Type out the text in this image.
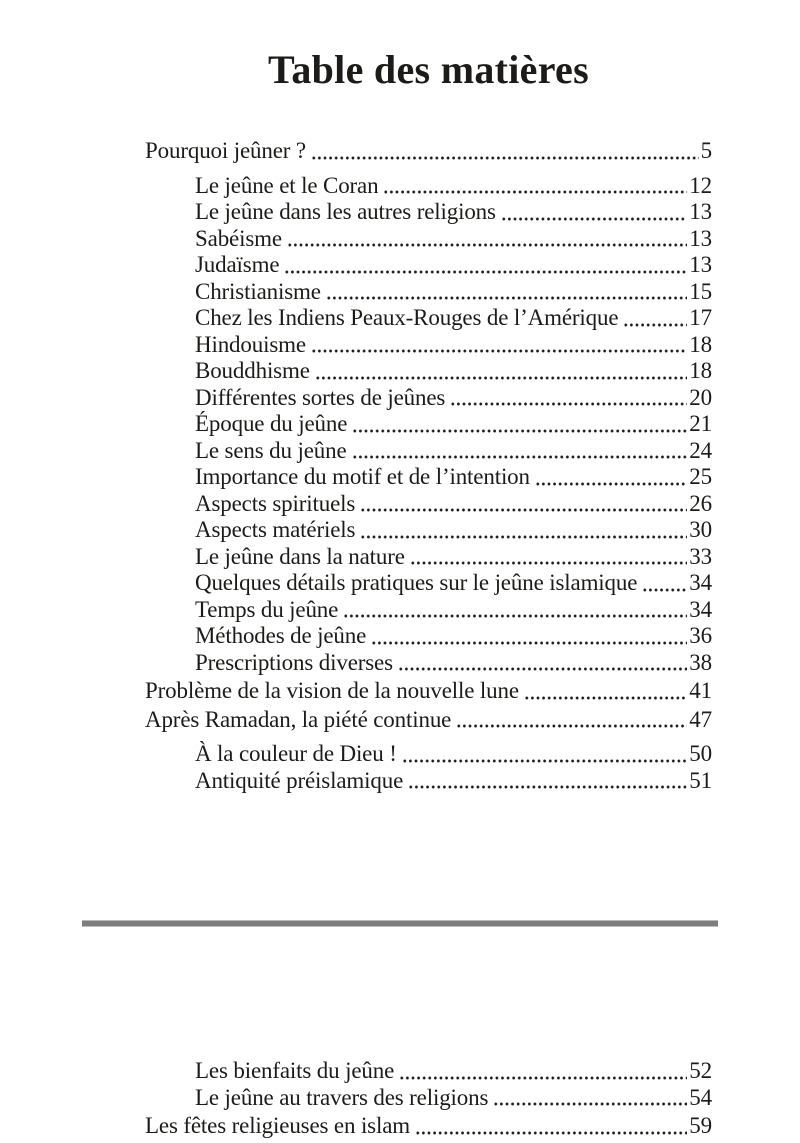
Table des matières
Pourquoi jeûner ?	5
Le jeûne et le Coran	12
Le jeûne dans les autres religions	13
Sabéisme	13
Judaïsme	13
Christianisme	15
Chez les Indiens Peaux-Rouges de l’Amérique	17
Hindouisme	18
Bouddhisme	18
Différentes sortes de jeûnes	20
Époque du jeûne	21
Le sens du jeûne	24
Importance du motif et de l’intention	25
Aspects spirituels	26
Aspects matériels	30
Le jeûne dans la nature	33
Quelques détails pratiques sur le jeûne islamique 34
Temps du jeûne	34
Méthodes de jeûne	36
Prescriptions diverses	38
Problème de la vision de la nouvelle lune	41
Après Ramadan, la piété continue	47
À la couleur de Dieu !	50
Antiquité préislamique	51
Les bienfaits du jeûne	52
Le jeûne au travers des religions	54
Les fêtes religieuses en islam	59
